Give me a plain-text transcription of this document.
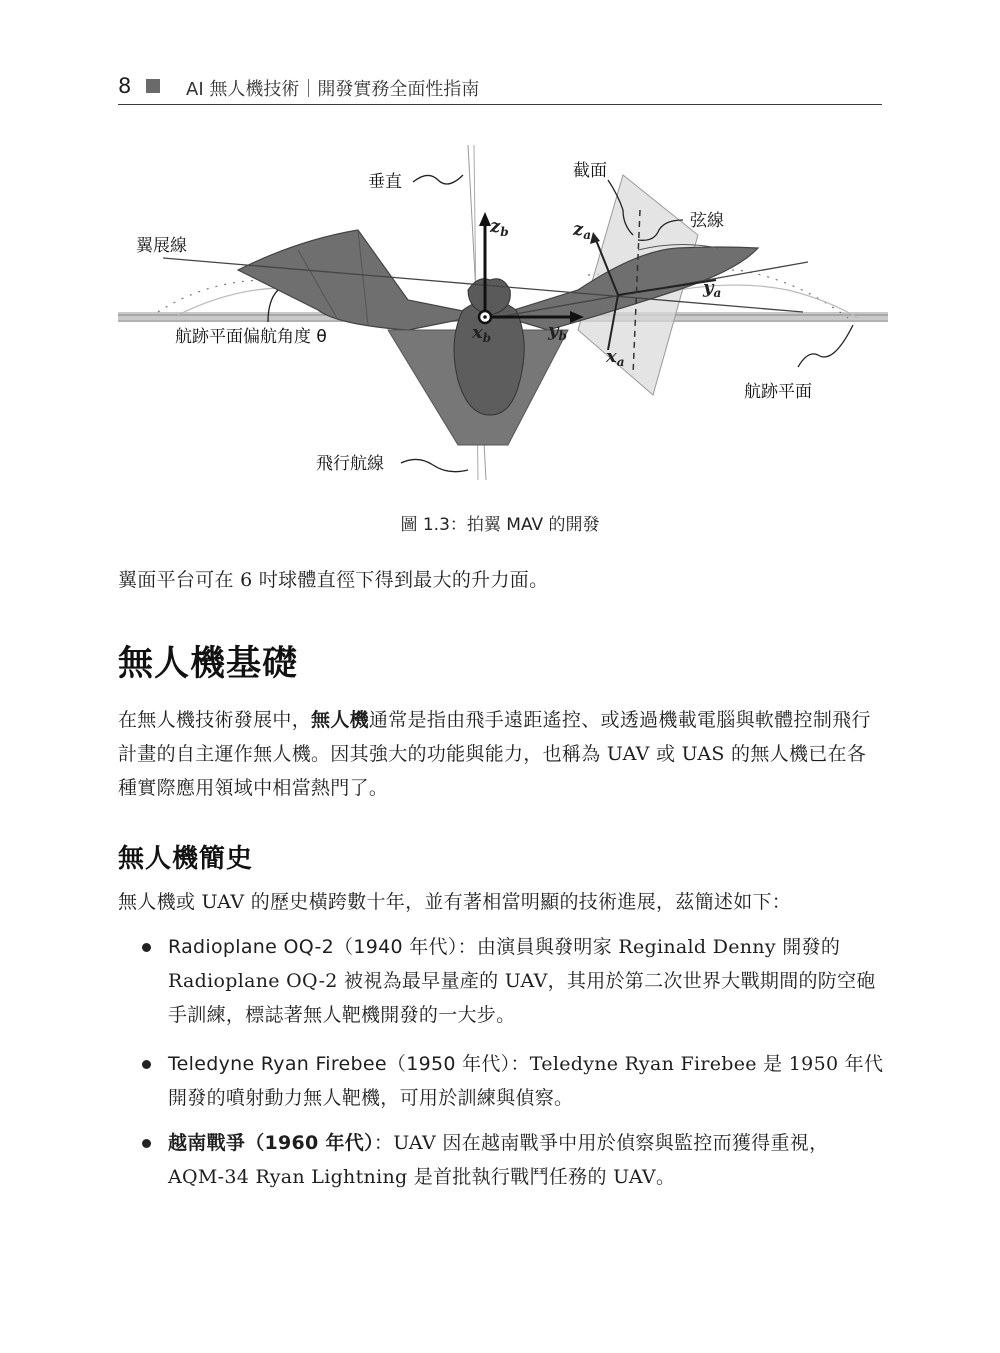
8	AI 無人機技術｜開發實務全面性指南
$z_b$
$x_b$	$y_b$
$z_a$
$y_a$
$x_a$
垂直
截面
弦線
翼展線
航跡平面偏航角度 θ
航跡平面
飛行航線
圖 1.3：拍翼 MAV 的開發
翼面平台可在 6 吋球體直徑下得到最大的升力面。
無人機基礎
在無人機技術發展中，無人機通常是指由飛手遠距遙控、或透過機載電腦與軟體控制飛行計畫的自主運作無人機。因其強大的功能與能力，也稱為 UAV 或 UAS 的無人機已在各種實際應用領域中相當熱門了。
無人機簡史
無人機或 UAV 的歷史橫跨數十年，並有著相當明顯的技術進展，茲簡述如下：
Radioplane OQ-2（1940 年代）：由演員與發明家 Reginald Denny 開發的 Radioplane OQ-2 被視為最早量產的 UAV，其用於第二次世界大戰期間的防空砲手訓練，標誌著無人靶機開發的一大步。
Teledyne Ryan Firebee（1950 年代）：Teledyne Ryan Firebee 是 1950 年代開發的噴射動力無人靶機，可用於訓練與偵察。
越南戰爭（1960 年代）：UAV 因在越南戰爭中用於偵察與監控而獲得重視，AQM-34 Ryan Lightning 是首批執行戰鬥任務的 UAV。
